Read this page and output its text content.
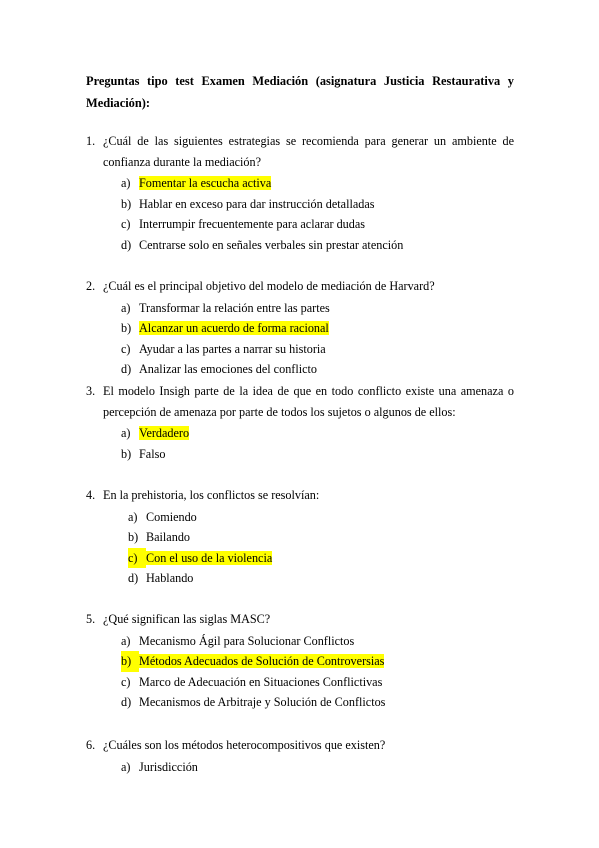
Preguntas tipo test Examen Mediación (asignatura Justicia Restaurativa y Mediación):
1. ¿Cuál de las siguientes estrategias se recomienda para generar un ambiente de confianza durante la mediación?
a) Fomentar la escucha activa
b) Hablar en exceso para dar instrucción detalladas
c) Interrumpir frecuentemente para aclarar dudas
d) Centrarse solo en señales verbales sin prestar atención
2. ¿Cuál es el principal objetivo del modelo de mediación de Harvard?
a) Transformar la relación entre las partes
b) Alcanzar un acuerdo de forma racional
c) Ayudar a las partes a narrar su historia
d) Analizar las emociones del conflicto
3. El modelo Insigh parte de la idea de que en todo conflicto existe una amenaza o percepción de amenaza por parte de todos los sujetos o algunos de ellos:
a) Verdadero
b) Falso
4. En la prehistoria, los conflictos se resolvían:
a) Comiendo
b) Bailando
c) Con el uso de la violencia
d) Hablando
5. ¿Qué significan las siglas MASC?
a) Mecanismo Ágil para Solucionar Conflictos
b) Métodos Adecuados de Solución de Controversias
c) Marco de Adecuación en Situaciones Conflictivas
d) Mecanismos de Arbitraje y Solución de Conflictos
6. ¿Cuáles son los métodos heterocompositivos que existen?
a) Jurisdicción
